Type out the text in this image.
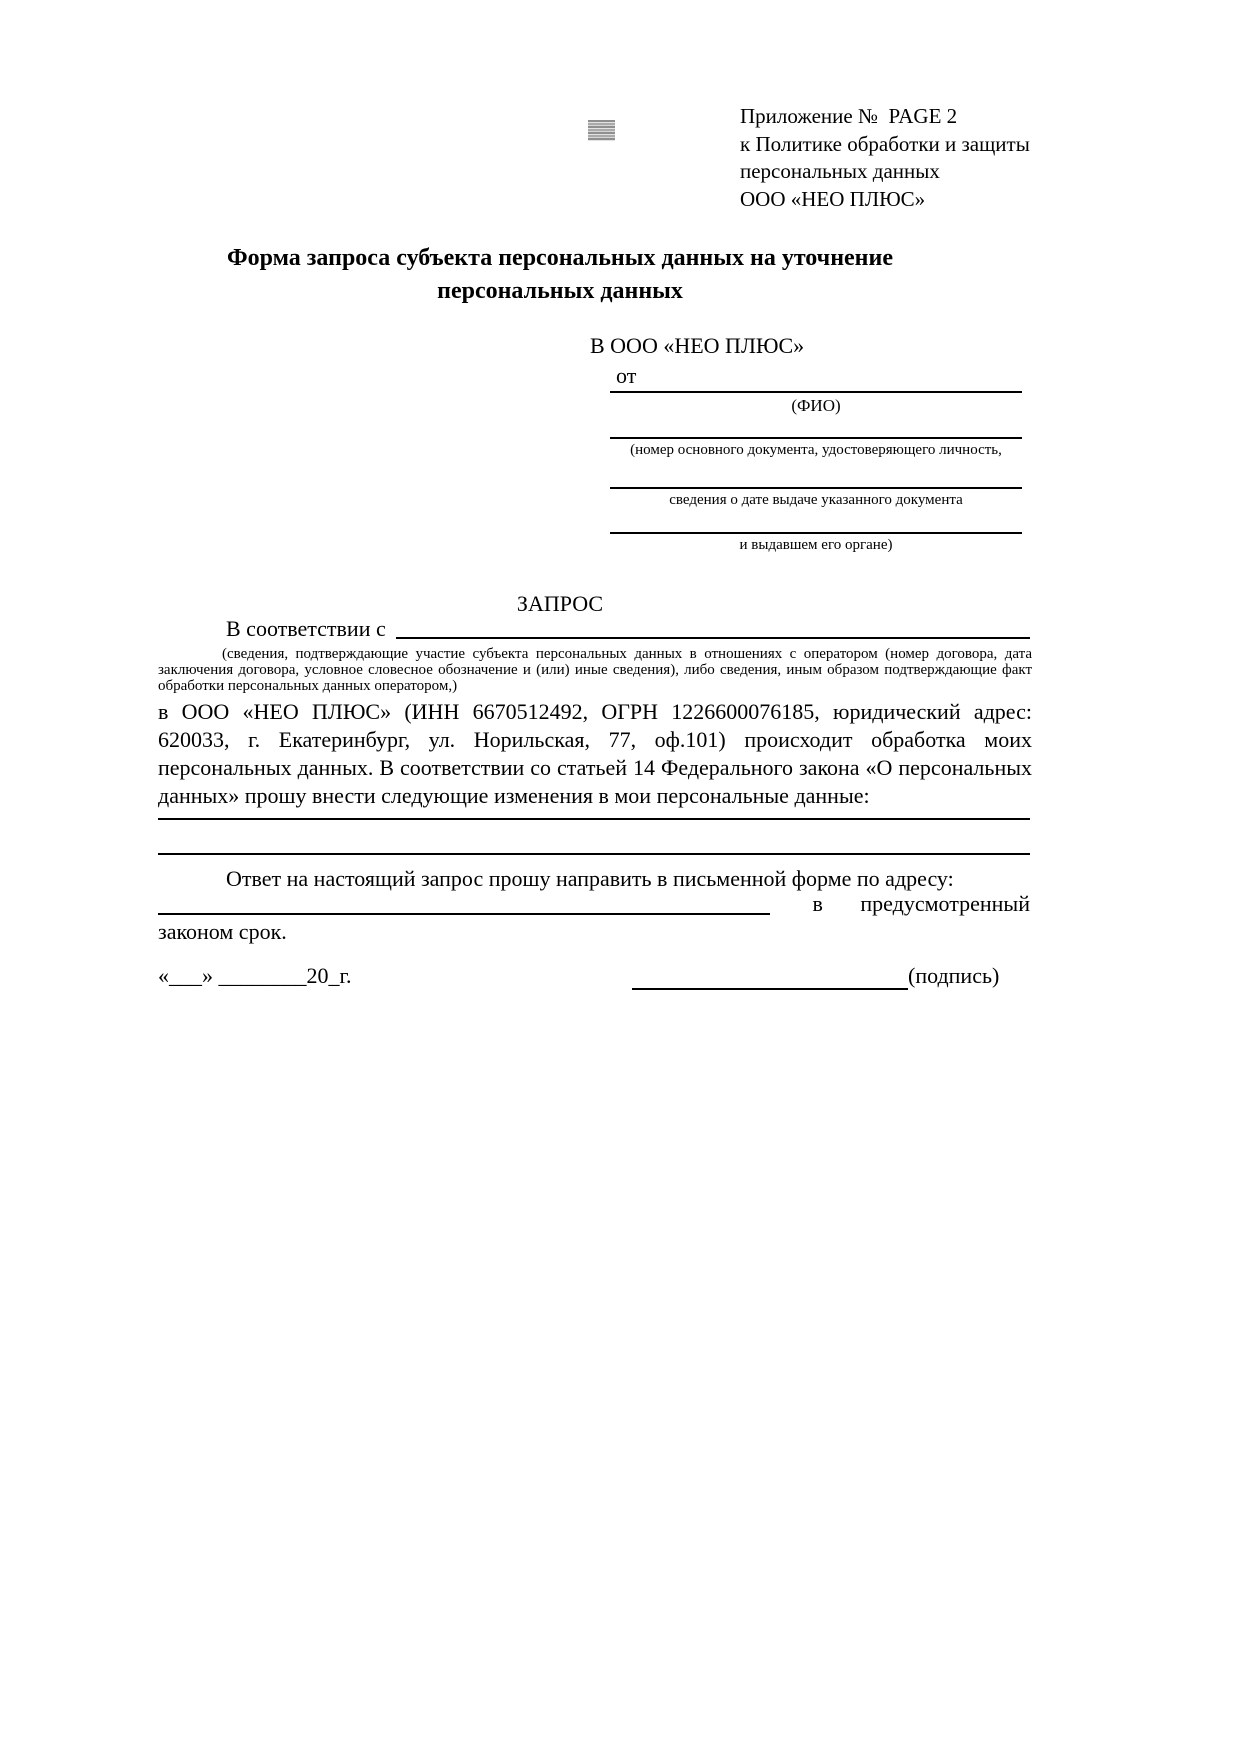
Приложение №  PAGE 2
к Политике обработки и защиты
персональных данных
ООО «НЕО ПЛЮС»
Форма запроса субъекта персональных данных на уточнение
персональных данных
В ООО «НЕО ПЛЮС»
от
(ФИО)
(номер основного документа, удостоверяющего личность,
сведения о дате выдаче указанного документа
и выдавшем его органе)
ЗАПРОС
В соответствии с
(сведения, подтверждающие участие субъекта персональных данных в отношениях с оператором (номер договора, дата заключения договора, условное словесное обозначение и (или) иные сведения), либо сведения, иным образом подтверждающие факт обработки персональных данных оператором,)
в ООО «НЕО ПЛЮС» (ИНН 6670512492, ОГРН 1226600076185, юридический адрес: 620033, г. Екатеринбург, ул. Норильская, 77, оф.101) происходит обработка моих персональных данных. В соответствии со статьей 14 Федерального закона «О персональных данных» прошу внести следующие изменения в мои персональные данные:
Ответ на настоящий запрос прошу направить в письменной форме по адресу:
в предусмотренный
законом срок.
«___» ________20_г.	(подпись)
